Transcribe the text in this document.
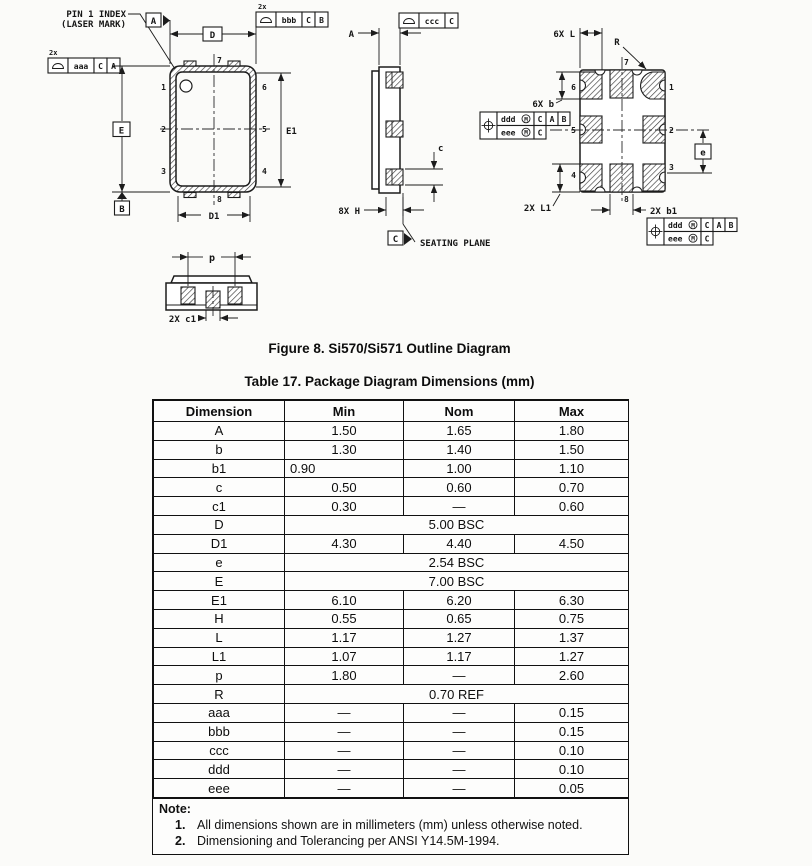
1
2
3
6
5
4
7
8
PIN 1 INDEX
(LASER MARK)
D
A
2x
bbb C B
2x
aaa C A
E
B
E1
D1
A
ccc C
c
8X H
C SEATING PLANE
6
5
4
1
2
3
7
8
6X L
R
6X b
ddd M C A B
eee M C
2X L1	2X b1
e
ddd M C A B
eee M C
p
2X c1
Figure 8. Si570/Si571 Outline Diagram
Table 17. Package Diagram Dimensions (mm)
Dimension	Min	Nom	Max
A	1.50	1.65	1.80
b	1.30	1.40	1.50
b1	0.90	1.00	1.10
c	0.50	0.60	0.70
c1	0.30	—	0.60
D	5.00 BSC		
D1	4.30	4.40	4.50
e	2.54 BSC		
E	7.00 BSC		
E1	6.10	6.20	6.30
H	0.55	0.65	0.75
L	1.17	1.27	1.37
L1	1.07	1.17	1.27
p	1.80	—	2.60
R	0.70 REF		
aaa	—	—	0.15
bbb	—	—	0.15
ccc	—	—	0.10
ddd	—	—	0.10
eee	—	—	0.05
Note:
1. All dimensions shown are in millimeters (mm) unless otherwise noted.
2. Dimensioning and Tolerancing per ANSI Y14.5M-1994.
